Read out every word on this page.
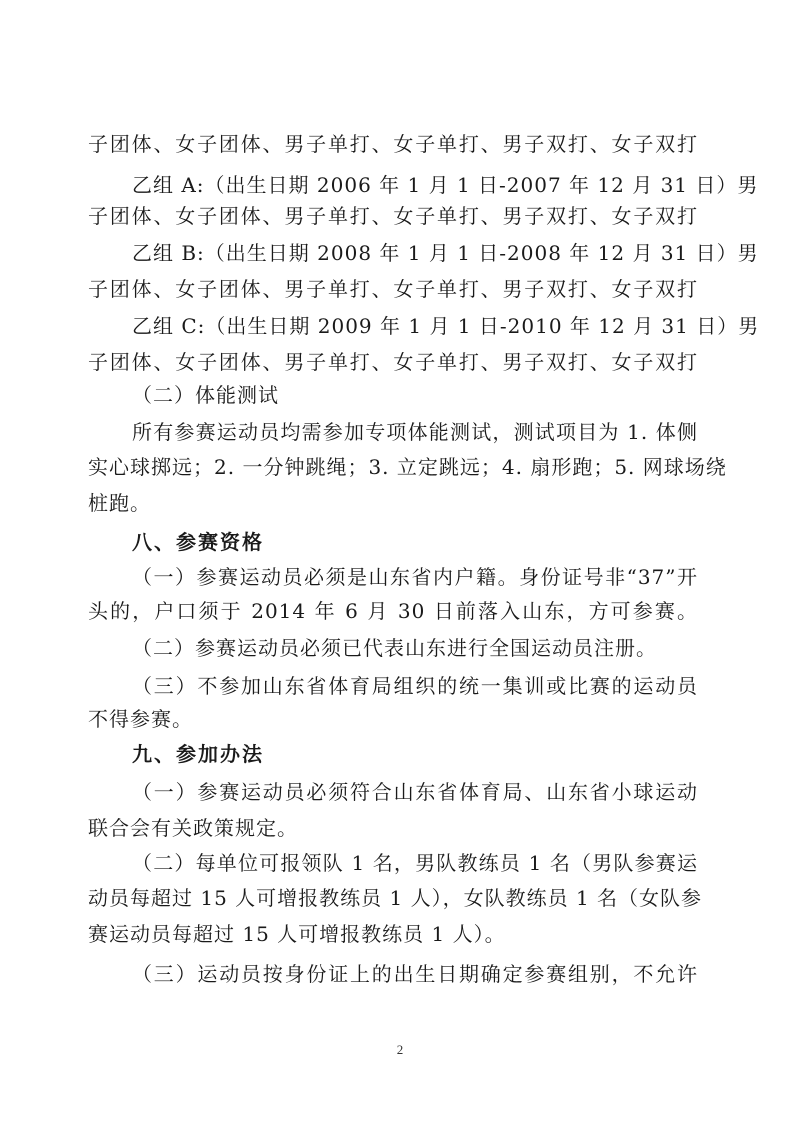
子团体、女子团体、男子单打、女子单打、男子双打、女子双打
乙组 A:（出生日期 2006 年 1 月 1 日-2007 年 12 月 31 日）男
子团体、女子团体、男子单打、女子单打、男子双打、女子双打
乙组 B:（出生日期 2008 年 1 月 1 日-2008 年 12 月 31 日）男
子团体、女子团体、男子单打、女子单打、男子双打、女子双打
乙组 C:（出生日期 2009 年 1 月 1 日-2010 年 12 月 31 日）男
子团体、女子团体、男子单打、女子单打、男子双打、女子双打
（二）体能测试
所有参赛运动员均需参加专项体能测试，测试项目为 1. 体侧
实心球掷远；2. 一分钟跳绳；3. 立定跳远；4. 扇形跑；5. 网球场绕
桩跑。
八、参赛资格
（一）参赛运动员必须是山东省内户籍。身份证号非“37”开
头的，户口须于 2014 年 6 月 30 日前落入山东，方可参赛。
（二）参赛运动员必须已代表山东进行全国运动员注册。
（三）不参加山东省体育局组织的统一集训或比赛的运动员
不得参赛。
九、参加办法
（一）参赛运动员必须符合山东省体育局、山东省小球运动
联合会有关政策规定。
（二）每单位可报领队 1 名，男队教练员 1 名（男队参赛运
动员每超过 15 人可增报教练员 1 人），女队教练员 1 名（女队参
赛运动员每超过 15 人可增报教练员 1 人）。
（三）运动员按身份证上的出生日期确定参赛组别，不允许
2
